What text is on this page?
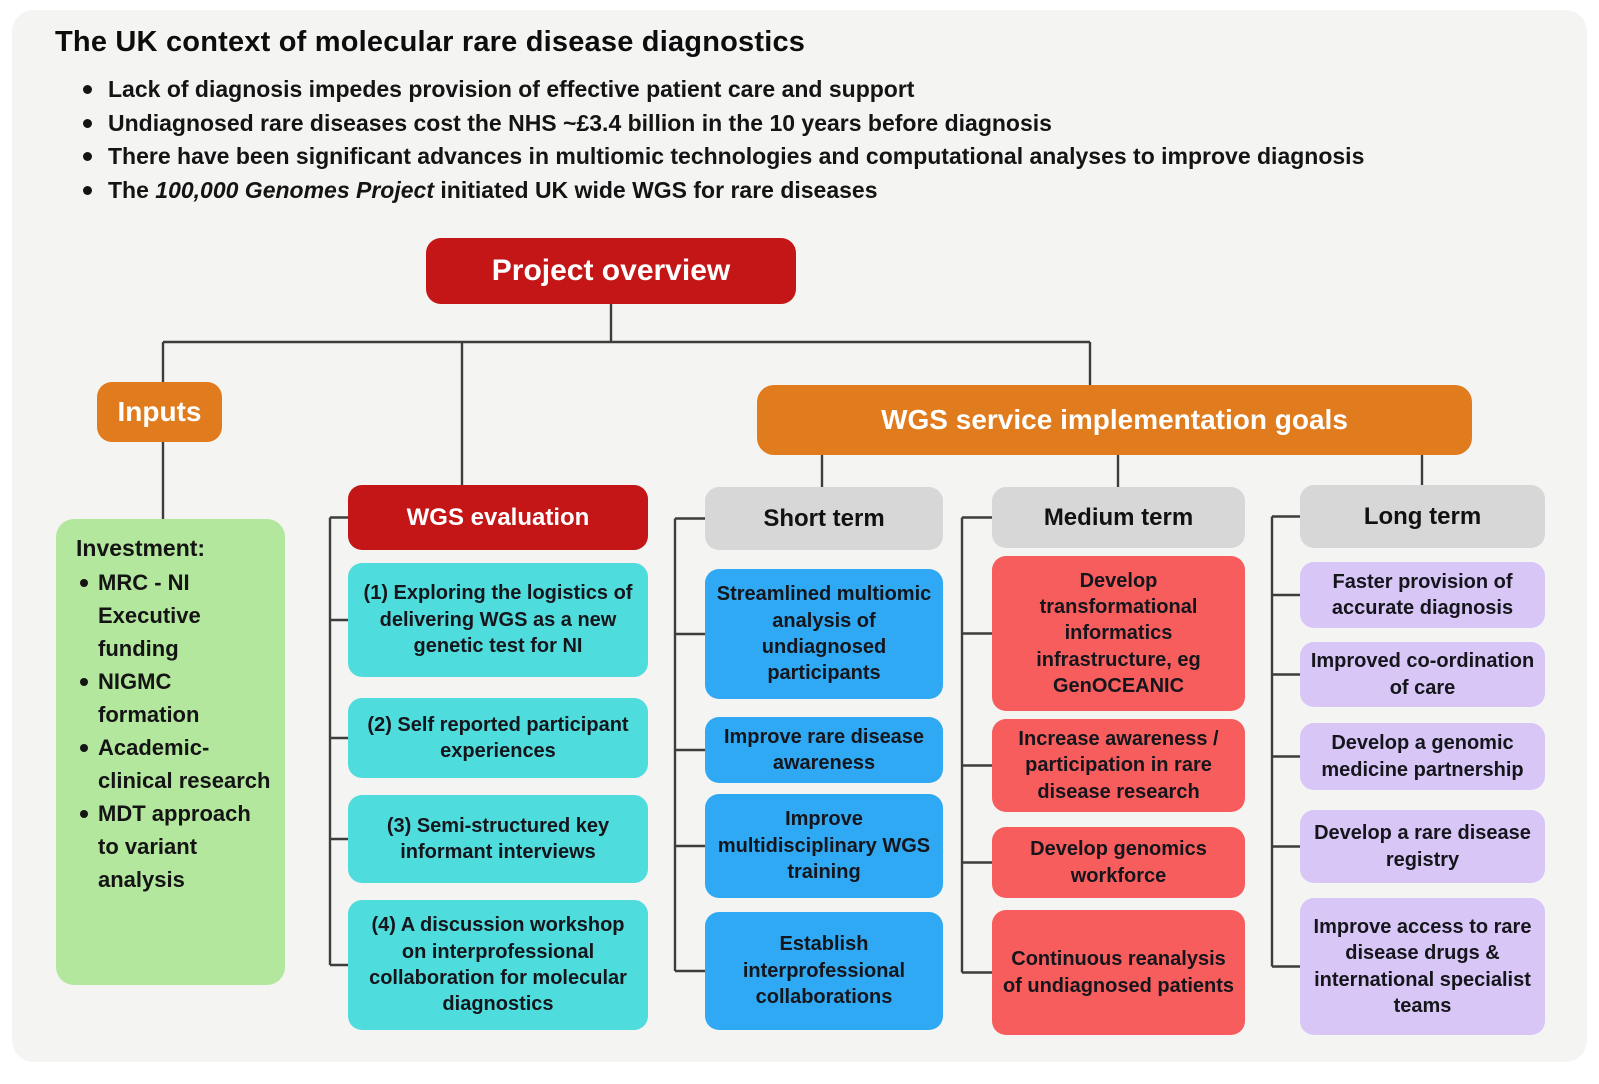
The UK context of molecular rare disease diagnostics
Lack of diagnosis impedes provision of effective patient care and support
Undiagnosed rare diseases cost the NHS ~£3.4 billion in the 10 years before diagnosis
There have been significant advances in multiomic technologies and computational analyses to improve diagnosis
The 100,000 Genomes Project initiated UK wide WGS for rare diseases
Project overview
Inputs	WGS service implementation goals
Investment:
MRC - NI Executive funding
NIGMC formation
Academic-clinical research
MDT approach to variant analysis
WGS evaluation
(1) Exploring the logistics of delivering WGS as a new genetic test for NI
(2) Self reported participant experiences
(3) Semi-structured key informant interviews
(4) A discussion workshop on interprofessional collaboration for molecular diagnostics
Short term
Streamlined multiomic analysis of undiagnosed participants
Improve rare disease awareness
Improve multidisciplinary WGS training
Establish interprofessional collaborations
Medium term
Develop transformational informatics infrastructure, eg GenOCEANIC
Increase awareness / participation in rare disease research
Develop genomics workforce
Continuous reanalysis of undiagnosed patients
Long term
Faster provision of accurate diagnosis
Improved co-ordination of care
Develop a genomic medicine partnership
Develop a rare disease registry
Improve access to rare disease drugs & international specialist teams
